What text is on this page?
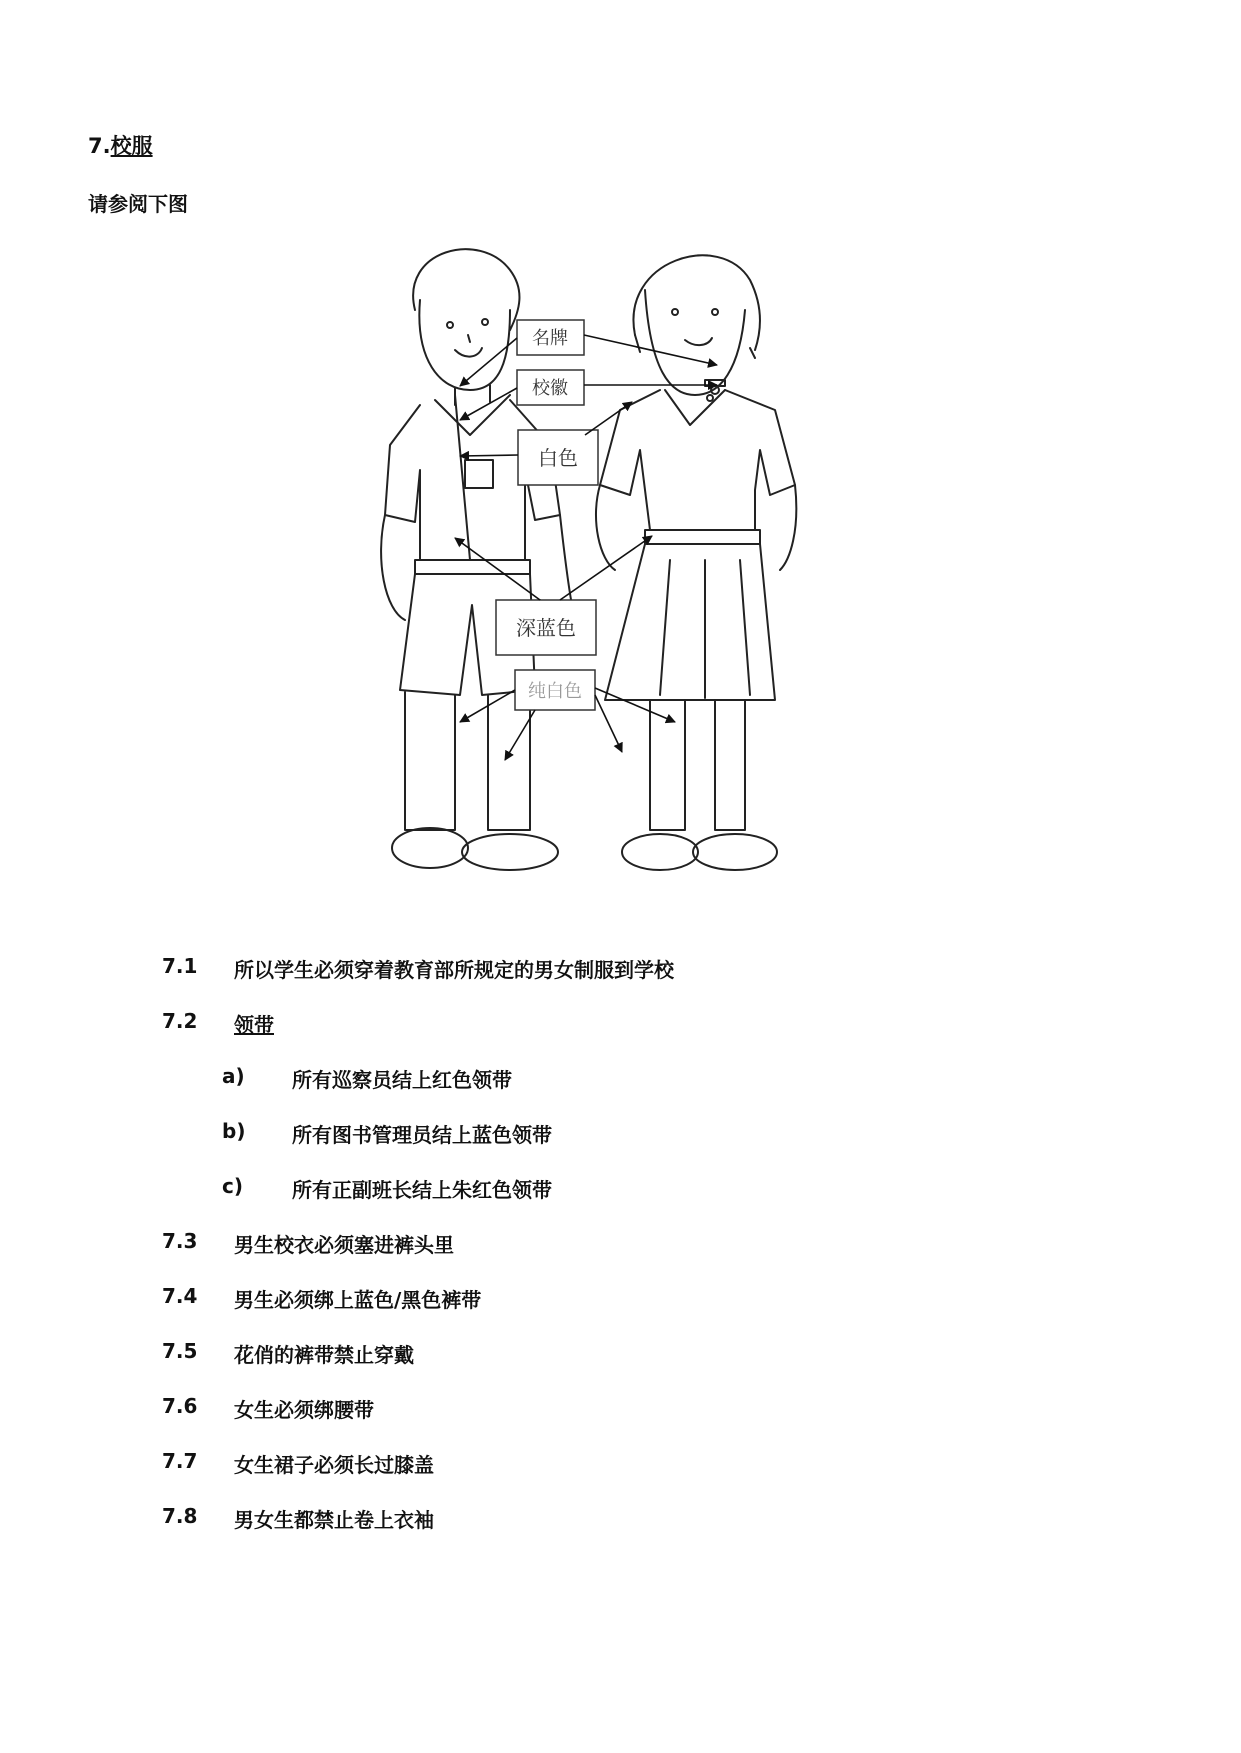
7.校服
请参阅下图
名牌
校徽
白色
深蓝色
纯白色
7.1	所以学生必须穿着教育部所规定的男女制服到学校
7.2	领带
a)	所有巡察员结上红色领带
b)	所有图书管理员结上蓝色领带
c)	所有正副班长结上朱红色领带
7.3	男生校衣必须塞进裤头里
7.4	男生必须绑上蓝色/黑色裤带
7.5	花俏的裤带禁止穿戴
7.6	女生必须绑腰带
7.7	女生裙子必须长过膝盖
7.8	男女生都禁止卷上衣袖
